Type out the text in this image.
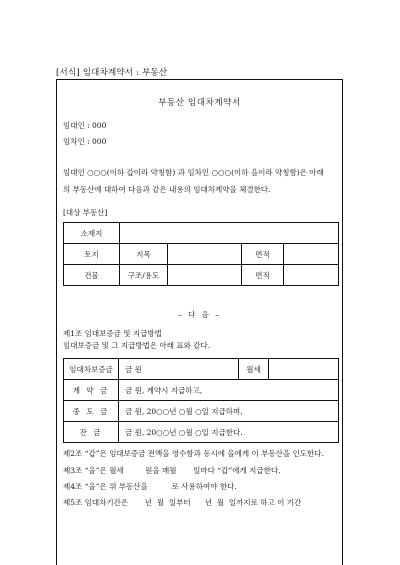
[서식] 임대차계약서 : 부동산
부동산 임대차계약서
임대인 : 000
임차인 : 000
임대인 ○○○(이하 갑이라 약칭함) 과 임차인 ○○○(이하 을이라 약칭함)은 아래
의 부동산에 대하여 다음과 같은 내용의 임대차계약을 체결한다.
[대상 부동산]
소재지				
토지	지목		면적	
건물	구조/용도		면적	
– 다 음 –
제1조 임대보증금 및 지급방법
임대보증금 및 그 지급방법은 아래 표와 같다.
임대차보증금	금 원	월세	
계 약 금	금 원, 계약시 지급하고,		
중 도 금	금 원, 20○○년 ○월 ○일 지급하며,		
잔 금	금 원, 20○○년 ○월 ○일 지급한다.		
제2조 “갑”은 임대보증금 전액을 영수함과 동시에 을에게 이 부동산을 인도한다.
제3조 “을”은 월세         원을 매월       일마다 “갑”에게 지급한다.
제4조 “을”은 위 부동산을          로 사용하여야 한다.
제5조 임대차기간은       년  월  일부터      년  월  일까지로 하고 이 기간
